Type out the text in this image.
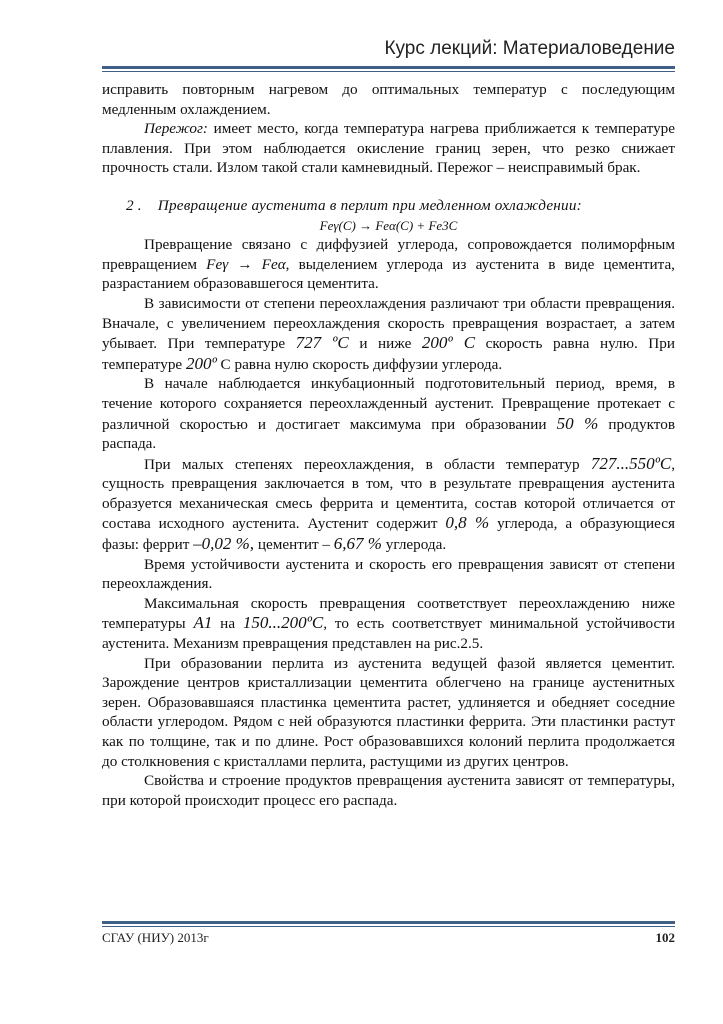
Курс лекций: Материаловедение

исправить повторным нагревом до оптимальных температур с последующим медленным охлаждением.

Пережог: имеет место, когда температура нагрева приближается к температуре плавления. При этом наблюдается окисление границ зерен, что резко снижает прочность стали. Излом такой стали камневидный. Пережог – неисправимый брак.

2 . Превращение аустенита в перлит при медленном охлаждении:

Feγ(C) → Feα(C) + Fe3C

Превращение связано с диффузией углерода, сопровождается полиморфным превращением Feγ → Feα, выделением углерода из аустенита в виде цементита, разрастанием образовавшегося цементита.

В зависимости от степени переохлаждения различают три области превращения. Вначале, с увеличением переохлаждения скорость превращения возрастает, а затем убывает. При температуре 727 ºC и ниже 200º C скорость равна нулю. При температуре 200º С равна нулю скорость диффузии углерода.

В начале наблюдается инкубационный подготовительный период, время, в течение которого сохраняется переохлажденный аустенит. Превращение протекает с различной скоростью и достигает максимума при образовании 50 % продуктов распада.

При малых степенях переохлаждения, в области температур 727...550ºС, сущность превращения заключается в том, что в результате превращения аустенита образуется механическая смесь феррита и цементита, состав которой отличается от состава исходного аустенита. Аустенит содержит 0,8 % углерода, а образующиеся фазы: феррит –0,02 %, цементит – 6,67 % углерода.

Время устойчивости аустенита и скорость его превращения зависят от степени переохлаждения.

Максимальная скорость превращения соответствует переохлаждению ниже температуры A1 на 150...200ºC, то есть соответствует минимальной устойчивости аустенита. Механизм превращения представлен на рис.2.5.

При образовании перлита из аустенита ведущей фазой является цементит. Зарождение центров кристаллизации цементита облегчено на границе аустенитных зерен. Образовавшаяся пластинка цементита растет, удлиняется и обедняет соседние области углеродом. Рядом с ней образуются пластинки феррита. Эти пластинки растут как по толщине, так и по длине. Рост образовавшихся колоний перлита продолжается до столкновения с кристаллами перлита, растущими из других центров.

Свойства и строение продуктов превращения аустенита зависят от температуры, при которой происходит процесс его распада.

СГАУ (НИУ) 2013г	102
